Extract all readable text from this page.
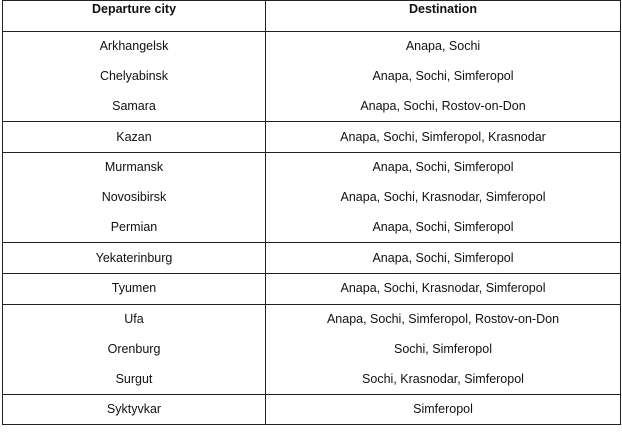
Departure city	Destination
Arkhangelsk	Anapa, Sochi
Chelyabinsk	Anapa, Sochi, Simferopol
Samara	Anapa, Sochi, Rostov-on-Don
Kazan	Anapa, Sochi, Simferopol, Krasnodar
Murmansk	Anapa, Sochi, Simferopol
Novosibirsk	Anapa, Sochi, Krasnodar, Simferopol
Permian	Anapa, Sochi, Simferopol
Yekaterinburg	Anapa, Sochi, Simferopol
Tyumen	Anapa, Sochi, Krasnodar, Simferopol
Ufa	Anapa, Sochi, Simferopol, Rostov-on-Don
Orenburg	Sochi, Simferopol
Surgut	Sochi, Krasnodar, Simferopol
Syktyvkar	Simferopol
